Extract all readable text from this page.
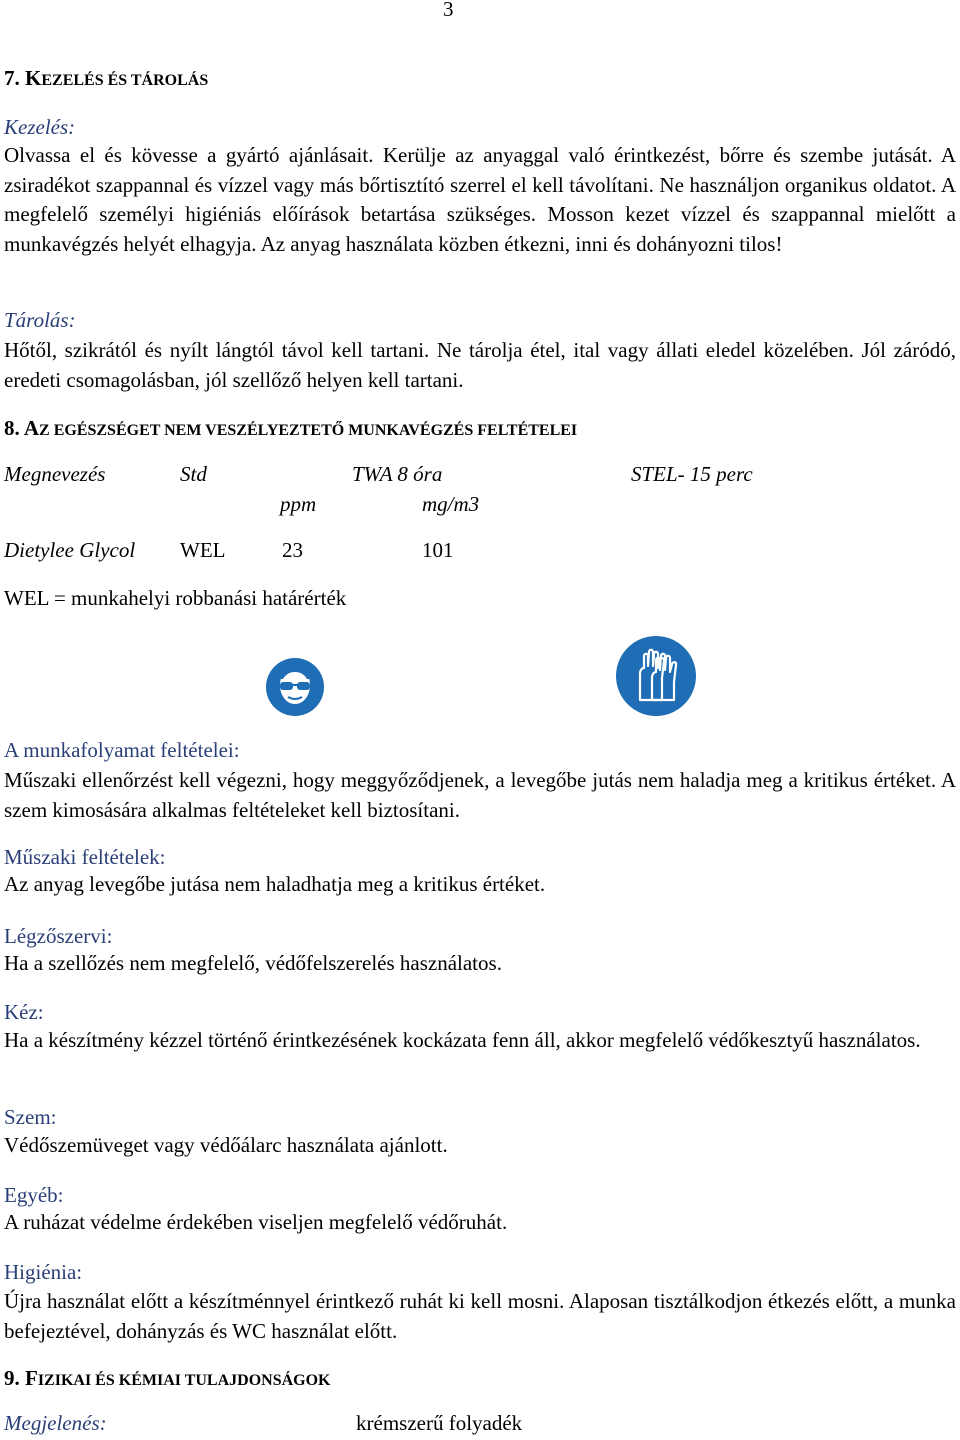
3
7. KEZELÉS ÉS TÁROLÁS
Kezelés:
Olvassa el és kövesse a gyártó ajánlásait. Kerülje az anyaggal való érintkezést, bőrre és szembe jutását. A zsiradékot szappannal és vízzel vagy más bőrtisztító szerrel el kell távolítani. Ne használjon organikus oldatot. A megfelelő személyi higiéniás előírások betartása szükséges. Mosson kezet vízzel és szappannal mielőtt a munkavégzés helyét elhagyja. Az anyag használata közben étkezni, inni és dohányozni tilos!
Tárolás:
Hőtől, szikrától és nyílt lángtól távol kell tartani. Ne tárolja étel, ital vagy állati eledel közelében. Jól záródó, eredeti csomagolásban, jól szellőző helyen kell tartani.
8. AZ EGÉSZSÉGET NEM VESZÉLYEZTETŐ MUNKAVÉGZÉS FELTÉTELEI
Megnevezés	Std	TWA 8 óra	STEL- 15 perc
ppm	mg/m3
Dietylee Glycol WEL	23	101
WEL = munkahelyi robbanási határérték
A munkafolyamat feltételei:
Műszaki ellenőrzést kell végezni, hogy meggyőződjenek, a levegőbe jutás nem haladja meg a kritikus értéket. A szem kimosására alkalmas feltételeket kell biztosítani.
Műszaki feltételek:
Az anyag levegőbe jutása nem haladhatja meg a kritikus értéket.
Légzőszervi:
Ha a szellőzés nem megfelelő, védőfelszerelés használatos.
Kéz:
Ha a készítmény kézzel történő érintkezésének kockázata fenn áll, akkor megfelelő védőkesztyű használatos.
Szem:
Védőszemüveget vagy védőálarc használata ajánlott.
Egyéb:
A ruházat védelme érdekében viseljen megfelelő védőruhát.
Higiénia:
Újra használat előtt a készítménnyel érintkező ruhát ki kell mosni. Alaposan tisztálkodjon étkezés előtt, a munka befejeztével, dohányzás és WC használat előtt.
9. FIZIKAI ÉS KÉMIAI TULAJDONSÁGOK
Megjelenés:	krémszerű folyadék
